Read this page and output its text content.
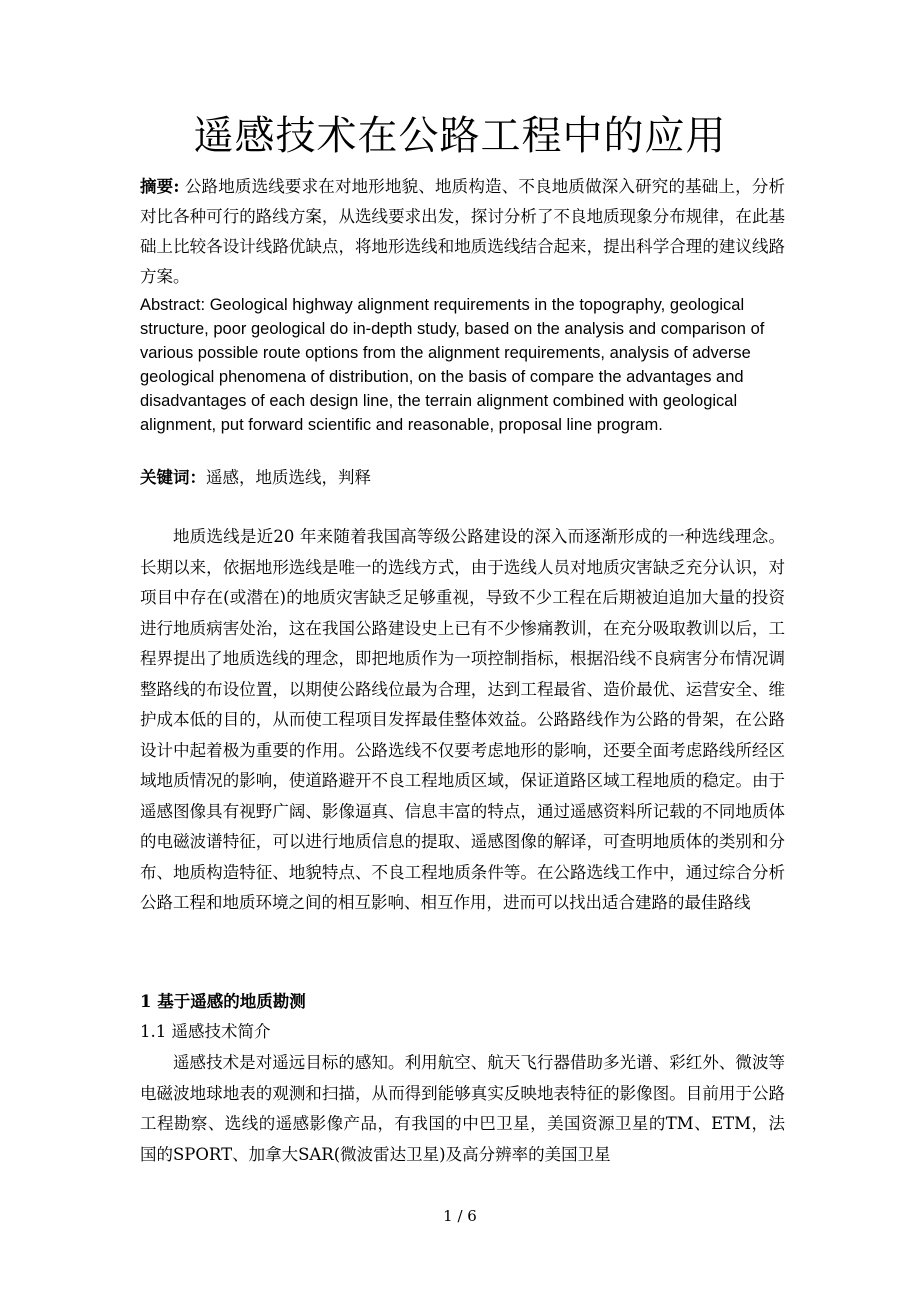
遥感技术在公路工程中的应用

摘要: 公路地质选线要求在对地形地貌、地质构造、不良地质做深入研究的基础上，分析对比各种可行的路线方案，从选线要求出发，探讨分析了不良地质现象分布规律，在此基础上比较各设计线路优缺点，将地形选线和地质选线结合起来，提出科学合理的建议线路方案。

Abstract: Geological highway alignment requirements in the topography, geological structure, poor geological do in-depth study, based on the analysis and comparison of various possible route options from the alignment requirements, analysis of adverse geological phenomena of distribution, on the basis of compare the advantages and disadvantages of each design line, the terrain alignment combined with geological alignment, put forward scientific and reasonable, proposal line program.

关键词：遥感，地质选线，判释

地质选线是近20 年来随着我国高等级公路建设的深入而逐渐形成的一种选线理念。长期以来，依据地形选线是唯一的选线方式，由于选线人员对地质灾害缺乏充分认识，对项目中存在(或潜在)的地质灾害缺乏足够重视，导致不少工程在后期被迫追加大量的投资进行地质病害处治，这在我国公路建设史上已有不少惨痛教训，在充分吸取教训以后，工程界提出了地质选线的理念，即把地质作为一项控制指标，根据沿线不良病害分布情况调整路线的布设位置，以期使公路线位最为合理，达到工程最省、造价最优、运营安全、维护成本低的目的，从而使工程项目发挥最佳整体效益。公路路线作为公路的骨架，在公路设计中起着极为重要的作用。公路选线不仅要考虑地形的影响，还要全面考虑路线所经区域地质情况的影响，使道路避开不良工程地质区域，保证道路区域工程地质的稳定。由于遥感图像具有视野广阔、影像逼真、信息丰富的特点，通过遥感资料所记载的不同地质体的电磁波谱特征，可以进行地质信息的提取、遥感图像的解译，可查明地质体的类别和分布、地质构造特征、地貌特点、不良工程地质条件等。在公路选线工作中，通过综合分析公路工程和地质环境之间的相互影响、相互作用，进而可以找出适合建路的最佳路线

1 基于遥感的地质勘测

1.1 遥感技术简介

遥感技术是对遥远目标的感知。利用航空、航天飞行器借助多光谱、彩红外、微波等电磁波地球地表的观测和扫描，从而得到能够真实反映地表特征的影像图。目前用于公路工程勘察、选线的遥感影像产品，有我国的中巴卫星，美国资源卫星的TM、ETM，法国的SPORT、加拿大SAR(微波雷达卫星)及高分辨率的美国卫星

1 / 6
